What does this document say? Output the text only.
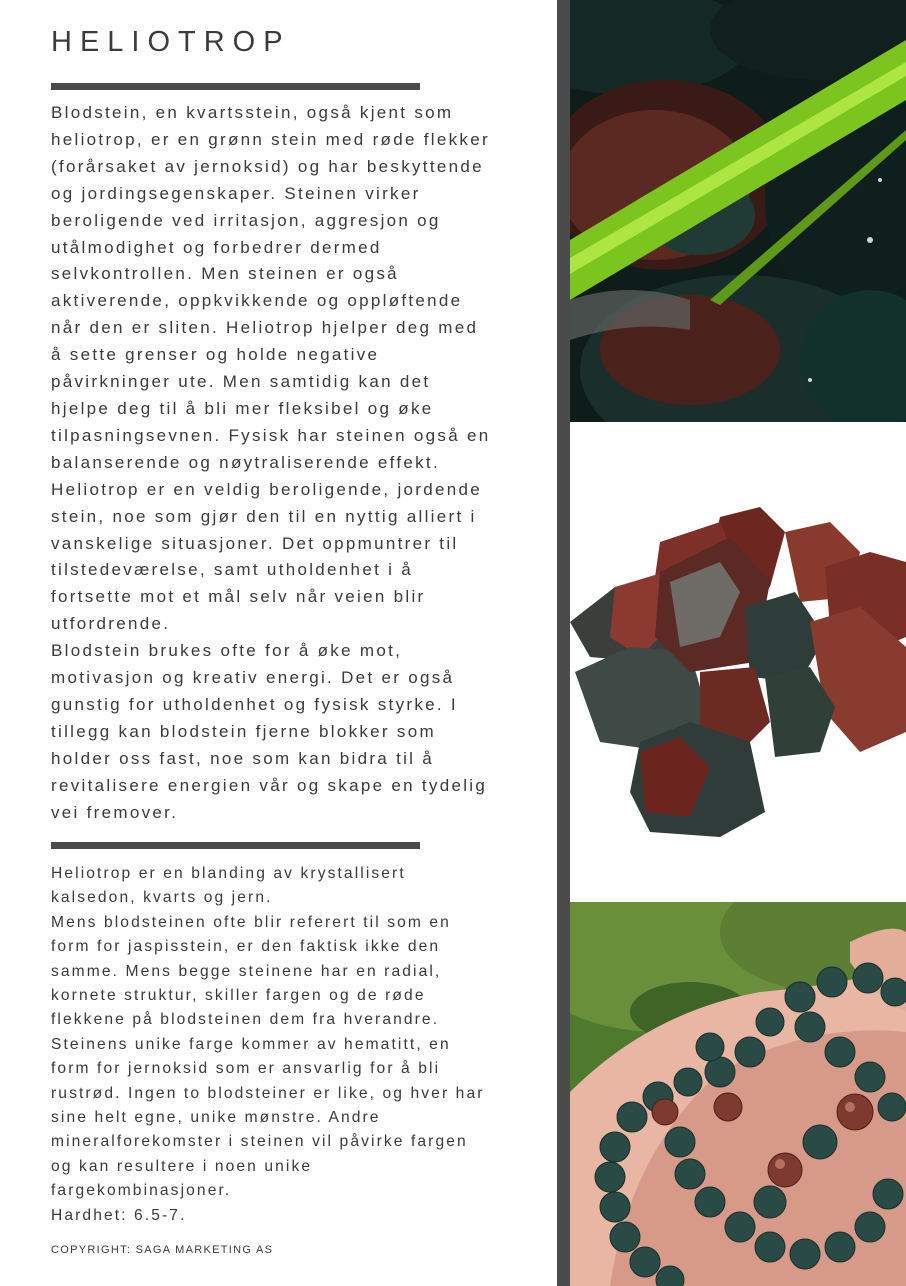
HELIOTROP

Blodstein, en kvartsstein, også kjent som
heliotrop, er en grønn stein med røde flekker
(forårsaket av jernoksid) og har beskyttende
og jordingsegenskaper. Steinen virker
beroligende ved irritasjon, aggresjon og
utålmodighet og forbedrer dermed
selvkontrollen. Men steinen er også
aktiverende, oppkvikkende og oppløftende
når den er sliten. Heliotrop hjelper deg med
å sette grenser og holde negative
påvirkninger ute. Men samtidig kan det
hjelpe deg til å bli mer fleksibel og øke
tilpasningsevnen. Fysisk har steinen også en
balanserende og nøytraliserende effekt.
Heliotrop er en veldig beroligende, jordende
stein, noe som gjør den til en nyttig alliert i
vanskelige situasjoner. Det oppmuntrer til
tilstedeværelse, samt utholdenhet i å
fortsette mot et mål selv når veien blir
utfordrende.
Blodstein brukes ofte for å øke mot,
motivasjon og kreativ energi. Det er også
gunstig for utholdenhet og fysisk styrke. I
tillegg kan blodstein fjerne blokker som
holder oss fast, noe som kan bidra til å
revitalisere energien vår og skape en tydelig
vei fremover.

Heliotrop er en blanding av krystallisert
kalsedon, kvarts og jern.
Mens blodsteinen ofte blir referert til som en
form for jaspisstein, er den faktisk ikke den
samme. Mens begge steinene har en radial,
kornete struktur, skiller fargen og de røde
flekkene på blodsteinen dem fra hverandre.
Steinens unike farge kommer av hematitt, en
form for jernoksid som er ansvarlig for å bli
rustrød. Ingen to blodsteiner er like, og hver har
sine helt egne, unike mønstre. Andre
mineralforekomster i steinen vil påvirke fargen
og kan resultere i noen unike
fargekombinasjoner.
Hardhet: 6.5-7.

COPYRIGHT: SAGA MARKETING AS
